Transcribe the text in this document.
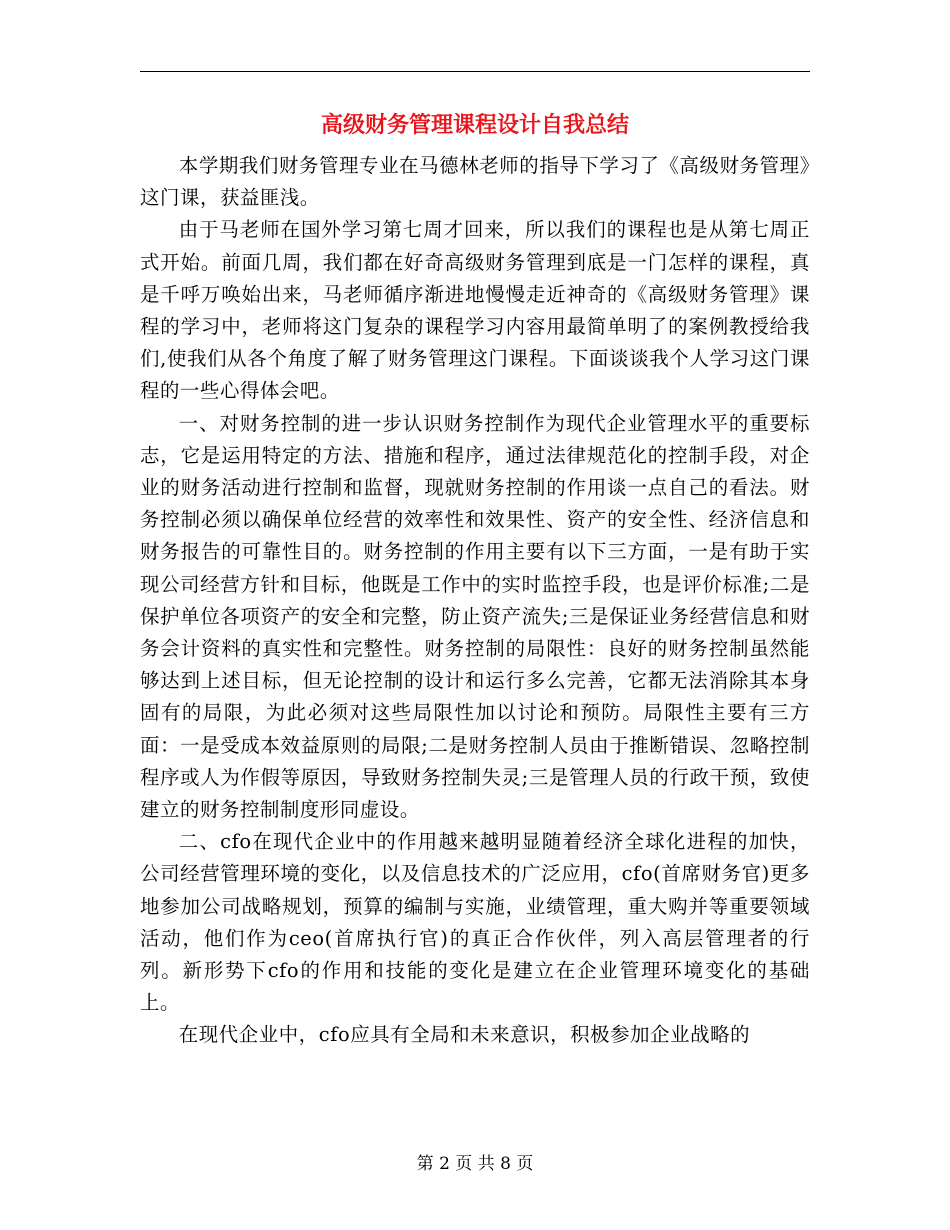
高级财务管理课程设计自我总结

本学期我们财务管理专业在马德林老师的指导下学习了《高级财务管理》这门课，获益匪浅。

由于马老师在国外学习第七周才回来，所以我们的课程也是从第七周正式开始。前面几周，我们都在好奇高级财务管理到底是一门怎样的课程，真是千呼万唤始出来，马老师循序渐进地慢慢走近神奇的《高级财务管理》课程的学习中，老师将这门复杂的课程学习内容用最简单明了的案例教授给我们,使我们从各个角度了解了财务管理这门课程。下面谈谈我个人学习这门课程的一些心得体会吧。

一、对财务控制的进一步认识财务控制作为现代企业管理水平的重要标志，它是运用特定的方法、措施和程序，通过法律规范化的控制手段，对企业的财务活动进行控制和监督，现就财务控制的作用谈一点自己的看法。财务控制必须以确保单位经营的效率性和效果性、资产的安全性、经济信息和财务报告的可靠性目的。财务控制的作用主要有以下三方面，一是有助于实现公司经营方针和目标，他既是工作中的实时监控手段，也是评价标准;二是保护单位各项资产的安全和完整，防止资产流失;三是保证业务经营信息和财务会计资料的真实性和完整性。财务控制的局限性：良好的财务控制虽然能够达到上述目标，但无论控制的设计和运行多么完善，它都无法消除其本身固有的局限，为此必须对这些局限性加以讨论和预防。局限性主要有三方面：一是受成本效益原则的局限;二是财务控制人员由于推断错误、忽略控制程序或人为作假等原因，导致财务控制失灵;三是管理人员的行政干预，致使建立的财务控制制度形同虚设。

二、cfo在现代企业中的作用越来越明显随着经济全球化进程的加快，公司经营管理环境的变化，以及信息技术的广泛应用，cfo(首席财务官)更多地参加公司战略规划，预算的编制与实施，业绩管理，重大购并等重要领域活动，他们作为ceo(首席执行官)的真正合作伙伴，列入高层管理者的行列。新形势下cfo的作用和技能的变化是建立在企业管理环境变化的基础上。

在现代企业中，cfo应具有全局和未来意识，积极参加企业战略的

第 2 页 共 8 页
